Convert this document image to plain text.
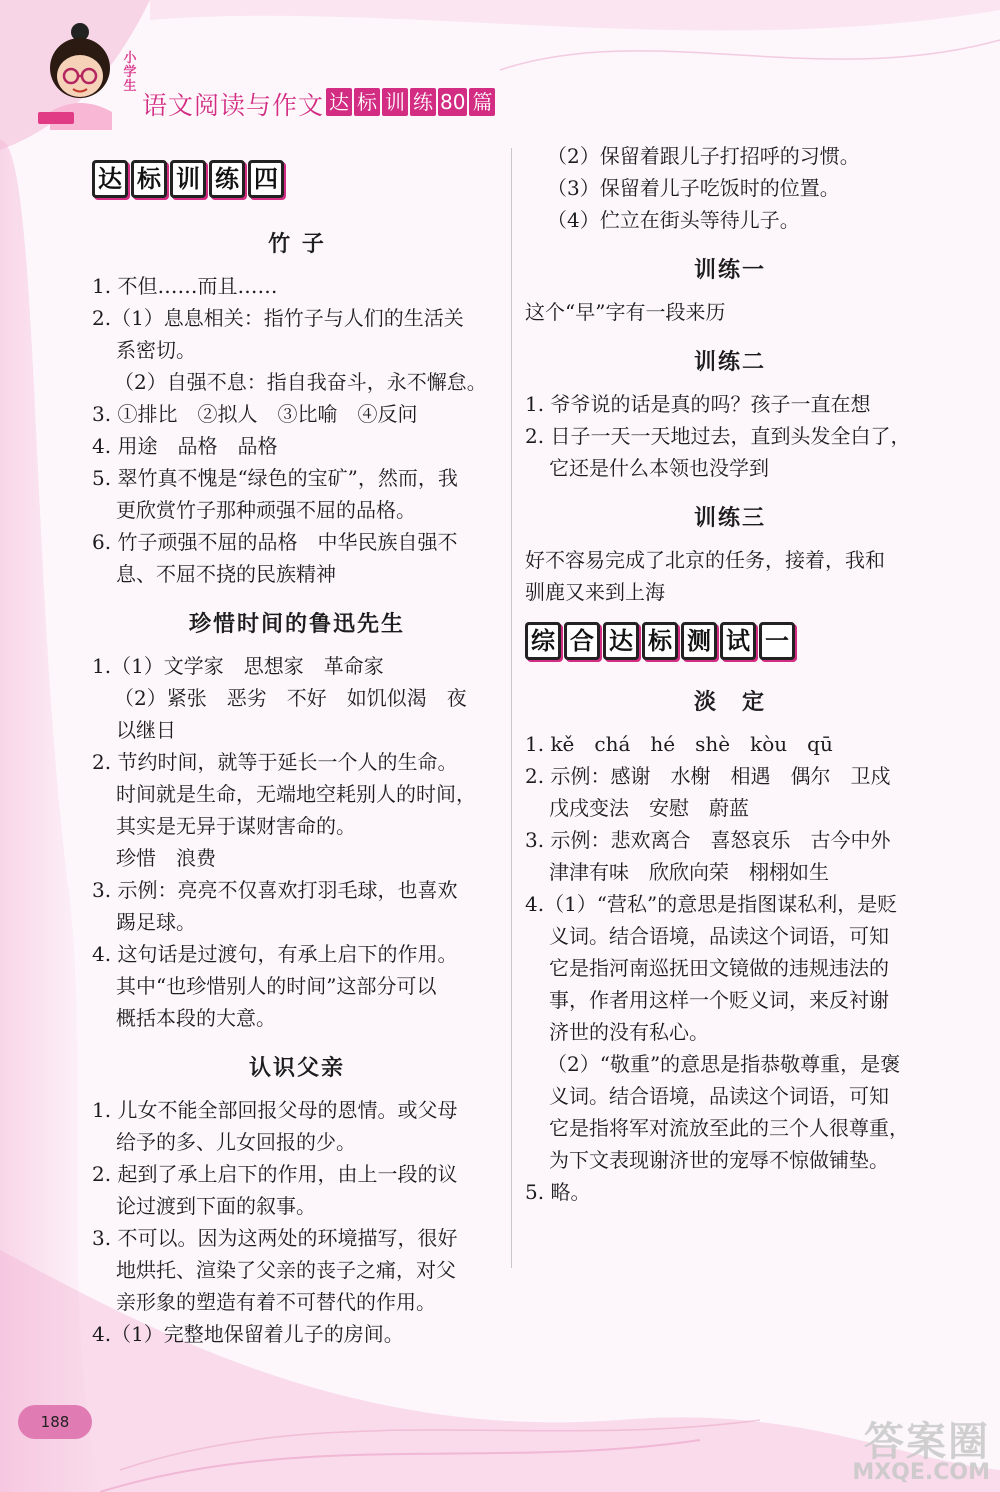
小学生
语文阅读与作文 达 标 训 练 80 篇
达 标 训 练 四
竹 子
1. 不但……而且……
2.（1）息息相关：指竹子与人们的生活关
系密切。
（2）自强不息：指自我奋斗，永不懈怠。
3. ①排比　②拟人　③比喻　④反问
4. 用途　品格　品格
5. 翠竹真不愧是“绿色的宝矿”，然而，我
更欣赏竹子那种顽强不屈的品格。
6. 竹子顽强不屈的品格　中华民族自强不
息、不屈不挠的民族精神
珍惜时间的鲁迅先生
1.（1）文学家　思想家　革命家
（2）紧张　恶劣　不好　如饥似渴　夜
以继日
2. 节约时间，就等于延长一个人的生命。
时间就是生命，无端地空耗别人的时间，
其实是无异于谋财害命的。
珍惜　浪费
3. 示例：亮亮不仅喜欢打羽毛球，也喜欢
踢足球。
4. 这句话是过渡句，有承上启下的作用。
其中“也珍惜别人的时间”这部分可以
概括本段的大意。
认识父亲
1. 儿女不能全部回报父母的恩情。或父母
给予的多、儿女回报的少。
2. 起到了承上启下的作用，由上一段的议
论过渡到下面的叙事。
3. 不可以。因为这两处的环境描写，很好
地烘托、渲染了父亲的丧子之痛，对父
亲形象的塑造有着不可替代的作用。
4.（1）完整地保留着儿子的房间。
（2）保留着跟儿子打招呼的习惯。
（3）保留着儿子吃饭时的位置。
（4）伫立在街头等待儿子。
训练一
这个“早”字有一段来历
训练二
1. 爷爷说的话是真的吗？孩子一直在想
2. 日子一天一天地过去，直到头发全白了，
它还是什么本领也没学到
训练三
好不容易完成了北京的任务，接着，我和
驯鹿又来到上海
综 合 达 标 测 试 一
淡　定
1. kě　chá　hé　shè　kòu　qū
2. 示例：感谢　水榭　相遇　偶尔　卫戍
戊戌变法　安慰　蔚蓝
3. 示例：悲欢离合　喜怒哀乐　古今中外
津津有味　欣欣向荣　栩栩如生
4.（1）“营私”的意思是指图谋私利，是贬
义词。结合语境，品读这个词语，可知
它是指河南巡抚田文镜做的违规违法的
事，作者用这样一个贬义词，来反衬谢
济世的没有私心。
（2）“敬重”的意思是指恭敬尊重，是褒
义词。结合语境，品读这个词语，可知
它是指将军对流放至此的三个人很尊重，
为下文表现谢济世的宠辱不惊做铺垫。
5. 略。
188	答案圈
MXQE.COM
